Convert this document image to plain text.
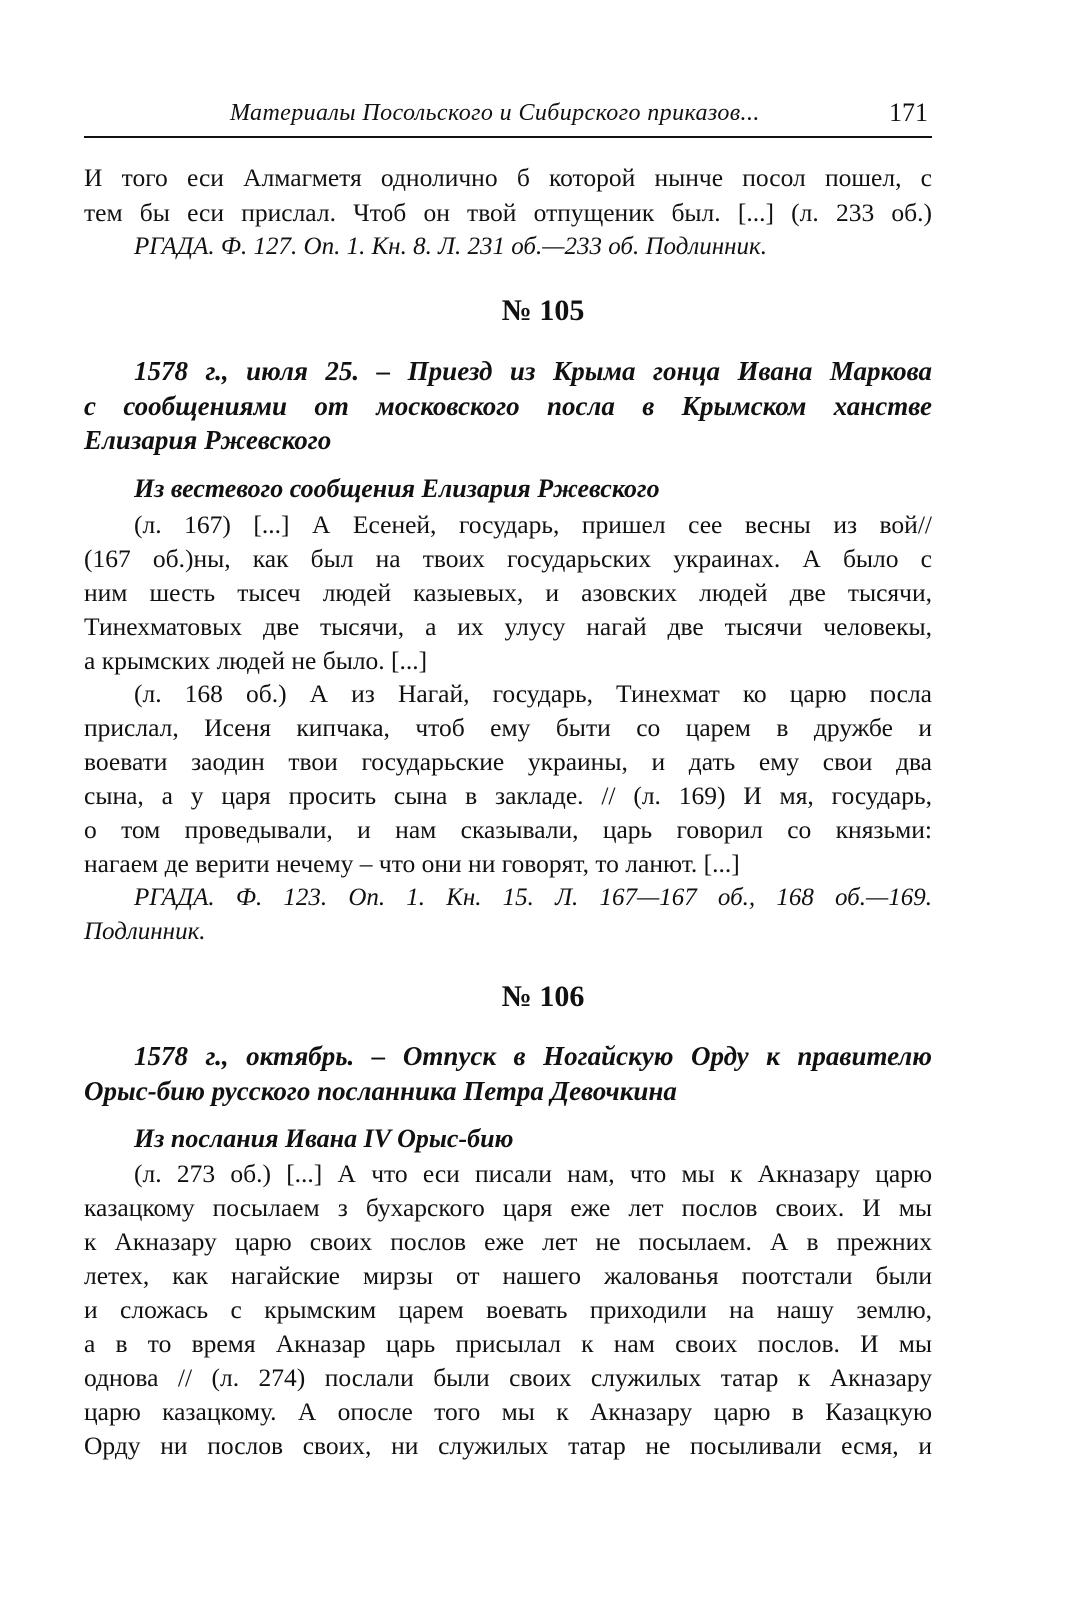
Материалы Посольского и Сибирского приказов...	171
И того еси Алмагметя однолично б которой нынче посол пошел, с
тем бы еси прислал. Чтоб он твой отпущеник был. [...] (л. 233 об.)
РГАДА. Ф. 127. Оп. 1. Кн. 8. Л. 231 об.—233 об. Подлинник.
№ 105
1578 г., июля 25. – Приезд из Крыма гонца Ивана Маркова
с сообщениями от московского посла в Крымском ханстве
Елизария Ржевского
Из вестевого сообщения Елизария Ржевского
(л. 167) [...] А Есеней, государь, пришел сее весны из вой//
(167 об.)ны, как был на твоих государьских украинах. А было с
ним шесть тысеч людей казыевых, и азовских людей две тысячи,
Тинехматовых две тысячи, а их улусу нагай две тысячи человекы,
а крымских людей не было. [...]
(л. 168 об.) А из Нагай, государь, Тинехмат ко царю посла
прислал, Исеня кипчака, чтоб ему быти со царем в дружбе и
воевати заодин твои государьские украины, и дать ему свои два
сына, а у царя просить сына в закладе. // (л. 169) И мя, государь,
о том проведывали, и нам сказывали, царь говорил со князьми:
нагаем де верити нечему – что они ни говорят, то ланют. [...]
РГАДА. Ф. 123. Оп. 1. Кн. 15. Л. 167—167 об., 168 об.—169.
Подлинник.
№ 106
1578 г., октябрь. – Отпуск в Ногайскую Орду к правителю
Орыс-бию русского посланника Петра Девочкина
Из послания Ивана IV Орыс-бию
(л. 273 об.) [...] А что еси писали нам, что мы к Акназару царю
казацкому посылаем з бухарского царя еже лет послов своих. И мы
к Акназару царю своих послов еже лет не посылаем. А в прежних
летех, как нагайские мирзы от нашего жалованья поотстали были
и сложась с крымским царем воевать приходили на нашу землю,
а в то время Акназар царь присылал к нам своих послов. И мы
однова // (л. 274) послали были своих служилых татар к Акназару
царю казацкому. А опосле того мы к Акназару царю в Казацкую
Орду ни послов своих, ни служилых татар не посыливали есмя, и
